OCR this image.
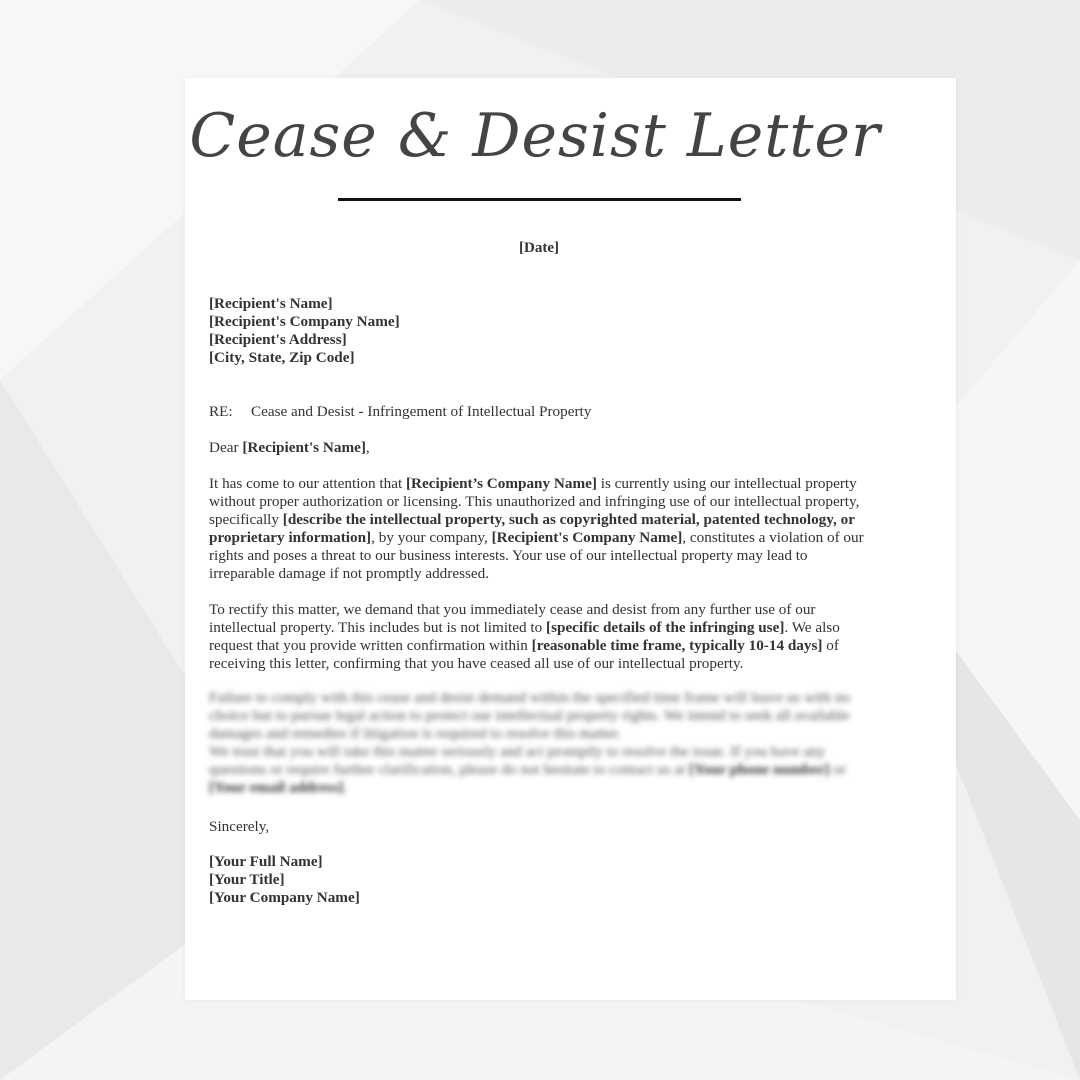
Cease & Desist Letter
[Date]
[Recipient's Name]
[Recipient's Company Name]
[Recipient's Address]
[City, State, Zip Code]
RE: Cease and Desist - Infringement of Intellectual Property
Dear [Recipient's Name],
It has come to our attention that [Recipient’s Company Name] is currently using our intellectual property without proper authorization or licensing. This unauthorized and infringing use of our intellectual property, specifically [describe the intellectual property, such as copyrighted material, patented technology, or proprietary information], by your company, [Recipient's Company Name], constitutes a violation of our rights and poses a threat to our business interests. Your use of our intellectual property may lead to irreparable damage if not promptly addressed.
To rectify this matter, we demand that you immediately cease and desist from any further use of our intellectual property. This includes but is not limited to [specific details of the infringing use]. We also request that you provide written confirmation within [reasonable time frame, typically 10-14 days] of receiving this letter, confirming that you have ceased all use of our intellectual property.
Failure to comply with this cease and desist demand within the specified time frame will leave us with no choice but to pursue legal action to protect our intellectual property rights. We intend to seek all available damages and remedies if litigation is required to resolve this matter.
We trust that you will take this matter seriously and act promptly to resolve the issue. If you have any questions or require further clarification, please do not hesitate to contact us at [Your phone number] or [Your email address].
Sincerely,
[Your Full Name]
[Your Title]
[Your Company Name]
